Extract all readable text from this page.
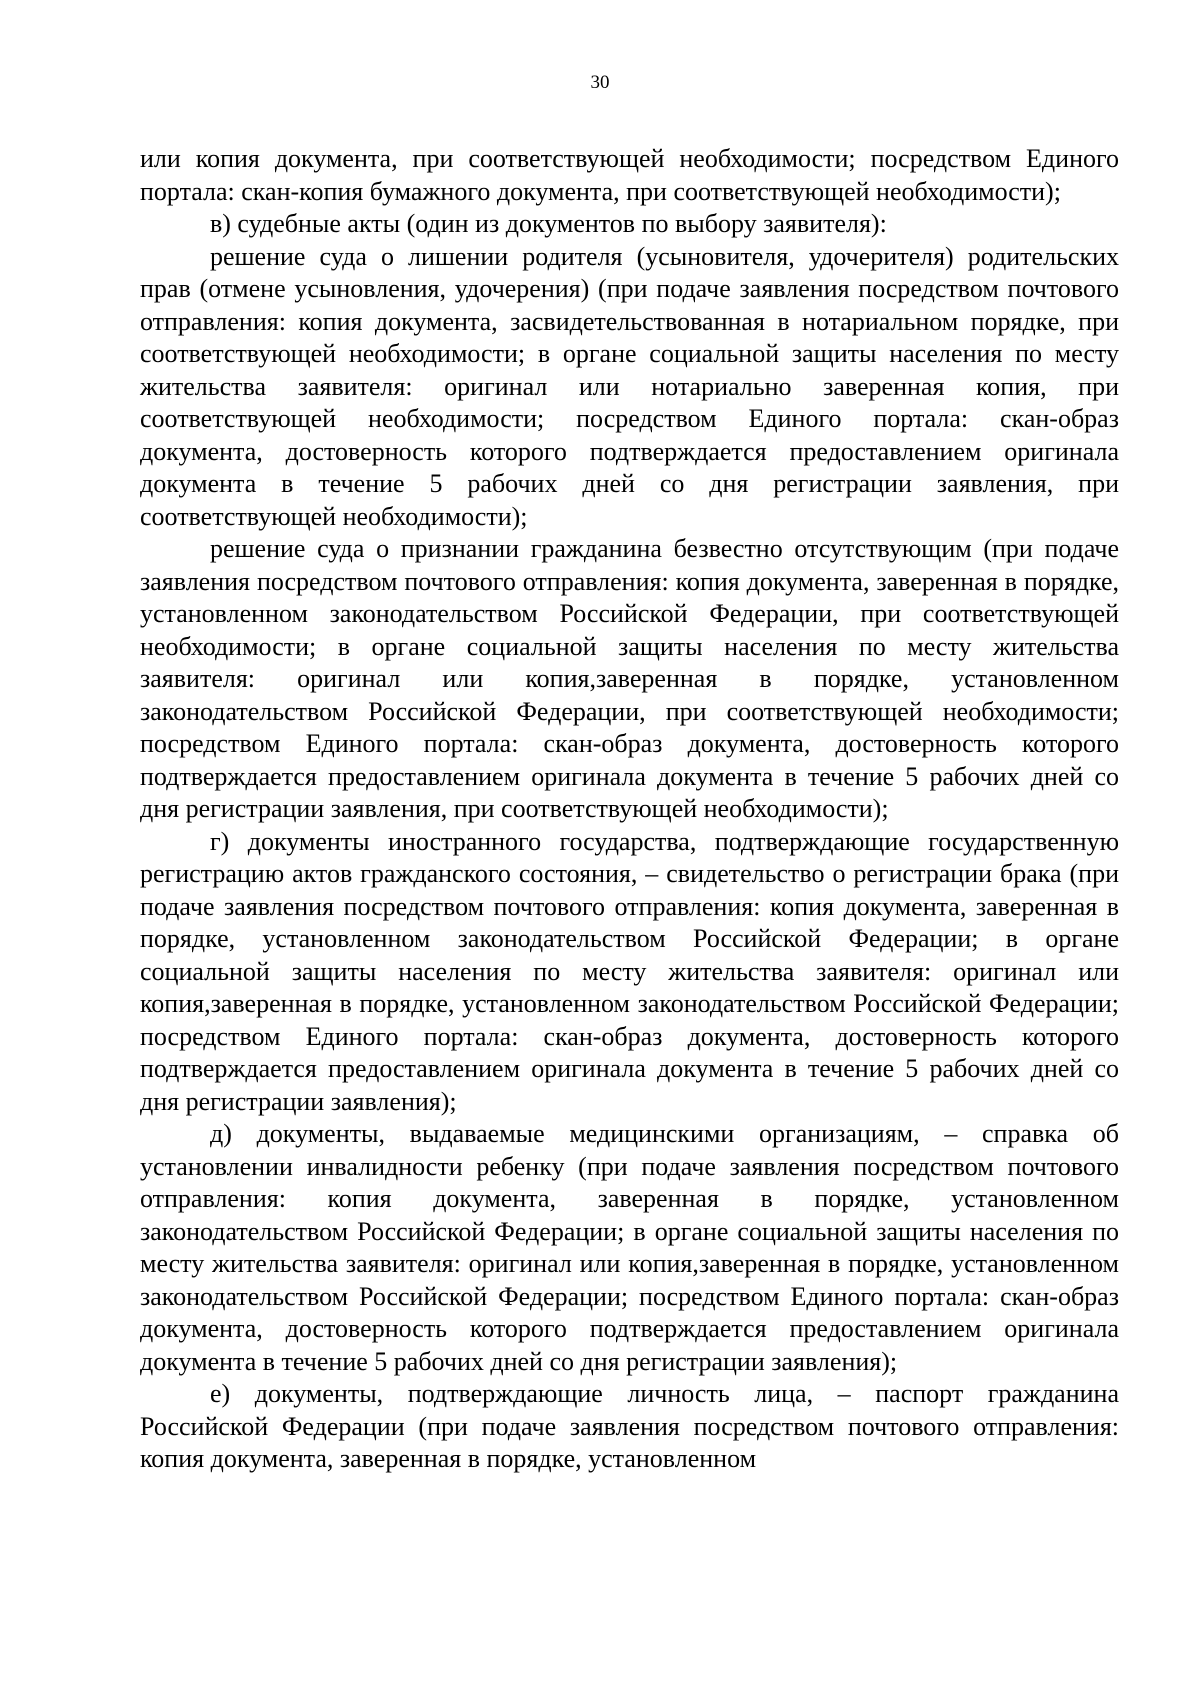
30

или копия документа, при соответствующей необходимости; посредством Единого портала: скан-копия бумажного документа, при соответствующей необходимости);

в) судебные акты (один из документов по выбору заявителя):

решение суда о лишении родителя (усыновителя, удочерителя) родительских прав (отмене усыновления, удочерения) (при подаче заявления посредством почтового отправления: копия документа, засвидетельствованная в нотариальном порядке, при соответствующей необходимости; в органе социальной защиты населения по месту жительства заявителя: оригинал или нотариально заверенная копия, при соответствующей необходимости; посредством Единого портала: скан-образ документа, достоверность которого подтверждается предоставлением оригинала документа в течение 5 рабочих дней со дня регистрации заявления, при соответствующей необходимости);

решение суда о признании гражданина безвестно отсутствующим (при подаче заявления посредством почтового отправления: копия документа, заверенная в порядке, установленном законодательством Российской Федерации, при соответствующей необходимости; в органе социальной защиты населения по месту жительства заявителя: оригинал или копия,заверенная в порядке, установленном законодательством Российской Федерации, при соответствующей необходимости; посредством Единого портала: скан-образ документа, достоверность которого подтверждается предоставлением оригинала документа в течение 5 рабочих дней со дня регистрации заявления, при соответствующей необходимости);

г) документы иностранного государства, подтверждающие государственную регистрацию актов гражданского состояния, – свидетельство о регистрации брака (при подаче заявления посредством почтового отправления: копия документа, заверенная в порядке, установленном законодательством Российской Федерации; в органе социальной защиты населения по месту жительства заявителя: оригинал или копия,заверенная в порядке, установленном законодательством Российской Федерации; посредством Единого портала: скан-образ документа, достоверность которого подтверждается предоставлением оригинала документа в течение 5 рабочих дней со дня регистрации заявления);

д) документы, выдаваемые медицинскими организациям, – справка об установлении инвалидности ребенку (при подаче заявления посредством почтового отправления: копия документа, заверенная в порядке, установленном законодательством Российской Федерации; в органе социальной защиты населения по месту жительства заявителя: оригинал или копия,заверенная в порядке, установленном законодательством Российской Федерации; посредством Единого портала: скан-образ документа, достоверность которого подтверждается предоставлением оригинала документа в течение 5 рабочих дней со дня регистрации заявления);

е) документы, подтверждающие личность лица, – паспорт гражданина Российской Федерации (при подаче заявления посредством почтового отправления: копия документа, заверенная в порядке, установленном
